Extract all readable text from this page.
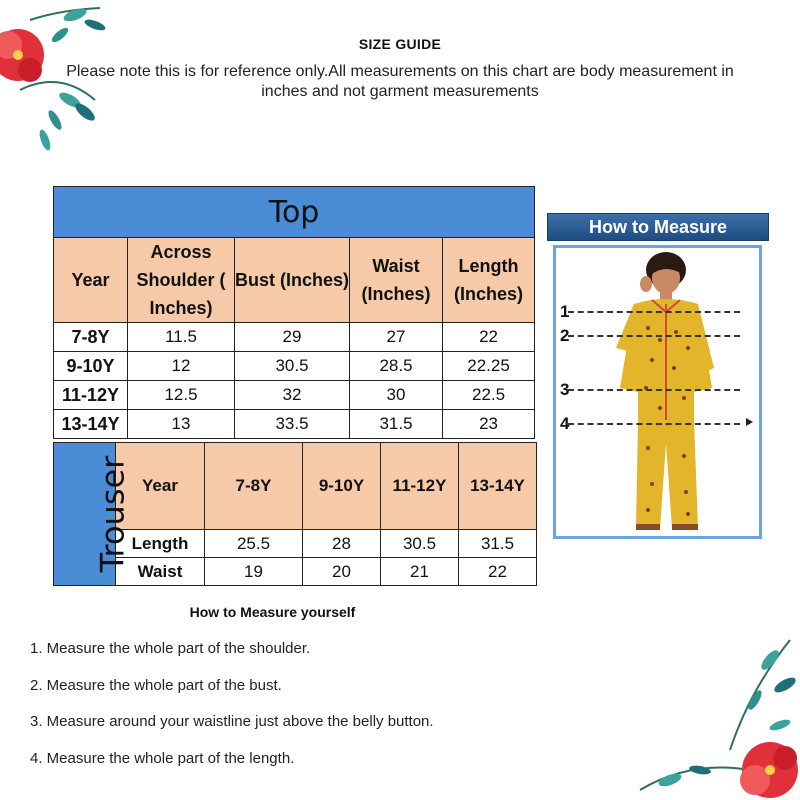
SIZE GUIDE
Please note this is for reference only.All measurements on this chart are body measurement in inches and not garment measurements
Top				
Year	Across Shoulder ( Inches)	Bust (Inches)	Waist (Inches)	Length (Inches)
7-8Y	11.5	29	27	22
9-10Y	12	30.5	28.5	22.25
11-12Y	12.5	32	30	22.5
13-14Y	13	33.5	31.5	23
Trouser	Year	7-8Y	9-10Y	11-12Y	13-14Y
	Length	25.5	28	30.5	31.5
	Waist	19	20	21	22
How to Measure
1
2
3
4
How to Measure yourself
1. Measure the whole part of the shoulder.
2. Measure the whole part of the bust.
3. Measure around your waistline just above the belly button.
4. Measure the whole part of the length.
